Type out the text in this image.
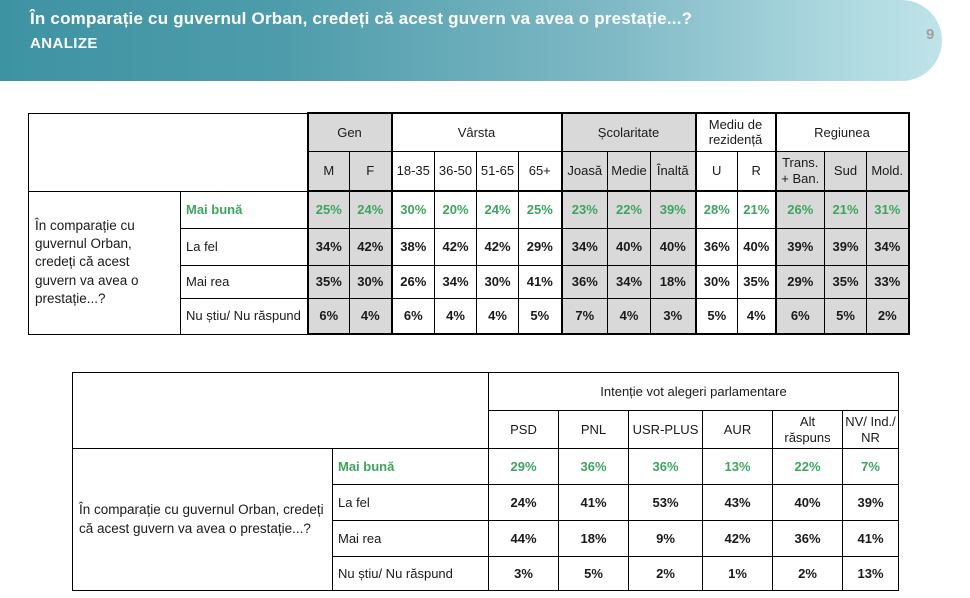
În comparație cu guvernul Orban, credeți că acest guvern va avea o prestație...?
ANALIZE
9
		Gen		Vârsta				Școlaritate			Mediu de rezidență		Regiunea		
		M	F	18-35	36-50	51-65	65+	Joasă	Medie	Înaltă	U	R	Trans. + Ban.	Sud	Mold.
În comparație cu guvernul Orban, credeți că acest guvern va avea o prestație...?	Mai bună	25%	24%	30%	20%	24%	25%	23%	22%	39%	28%	21%	26%	21%	31%
	La fel	34%	42%	38%	42%	42%	29%	34%	40%	40%	36%	40%	39%	39%	34%
	Mai rea	35%	30%	26%	34%	30%	41%	36%	34%	18%	30%	35%	29%	35%	33%
	Nu știu/ Nu răspund	6%	4%	6%	4%	4%	5%	7%	4%	3%	5%	4%	6%	5%	2%
		Intenție vot alegeri parlamentare					
		PSD	PNL	USR-PLUS	AUR	Alt răspuns	NV/ Ind./ NR
În comparație cu guvernul Orban, credeți că acest guvern va avea o prestație...?	Mai bună	29%	36%	36%	13%	22%	7%
	La fel	24%	41%	53%	43%	40%	39%
	Mai rea	44%	18%	9%	42%	36%	41%
	Nu știu/ Nu răspund	3%	5%	2%	1%	2%	13%
